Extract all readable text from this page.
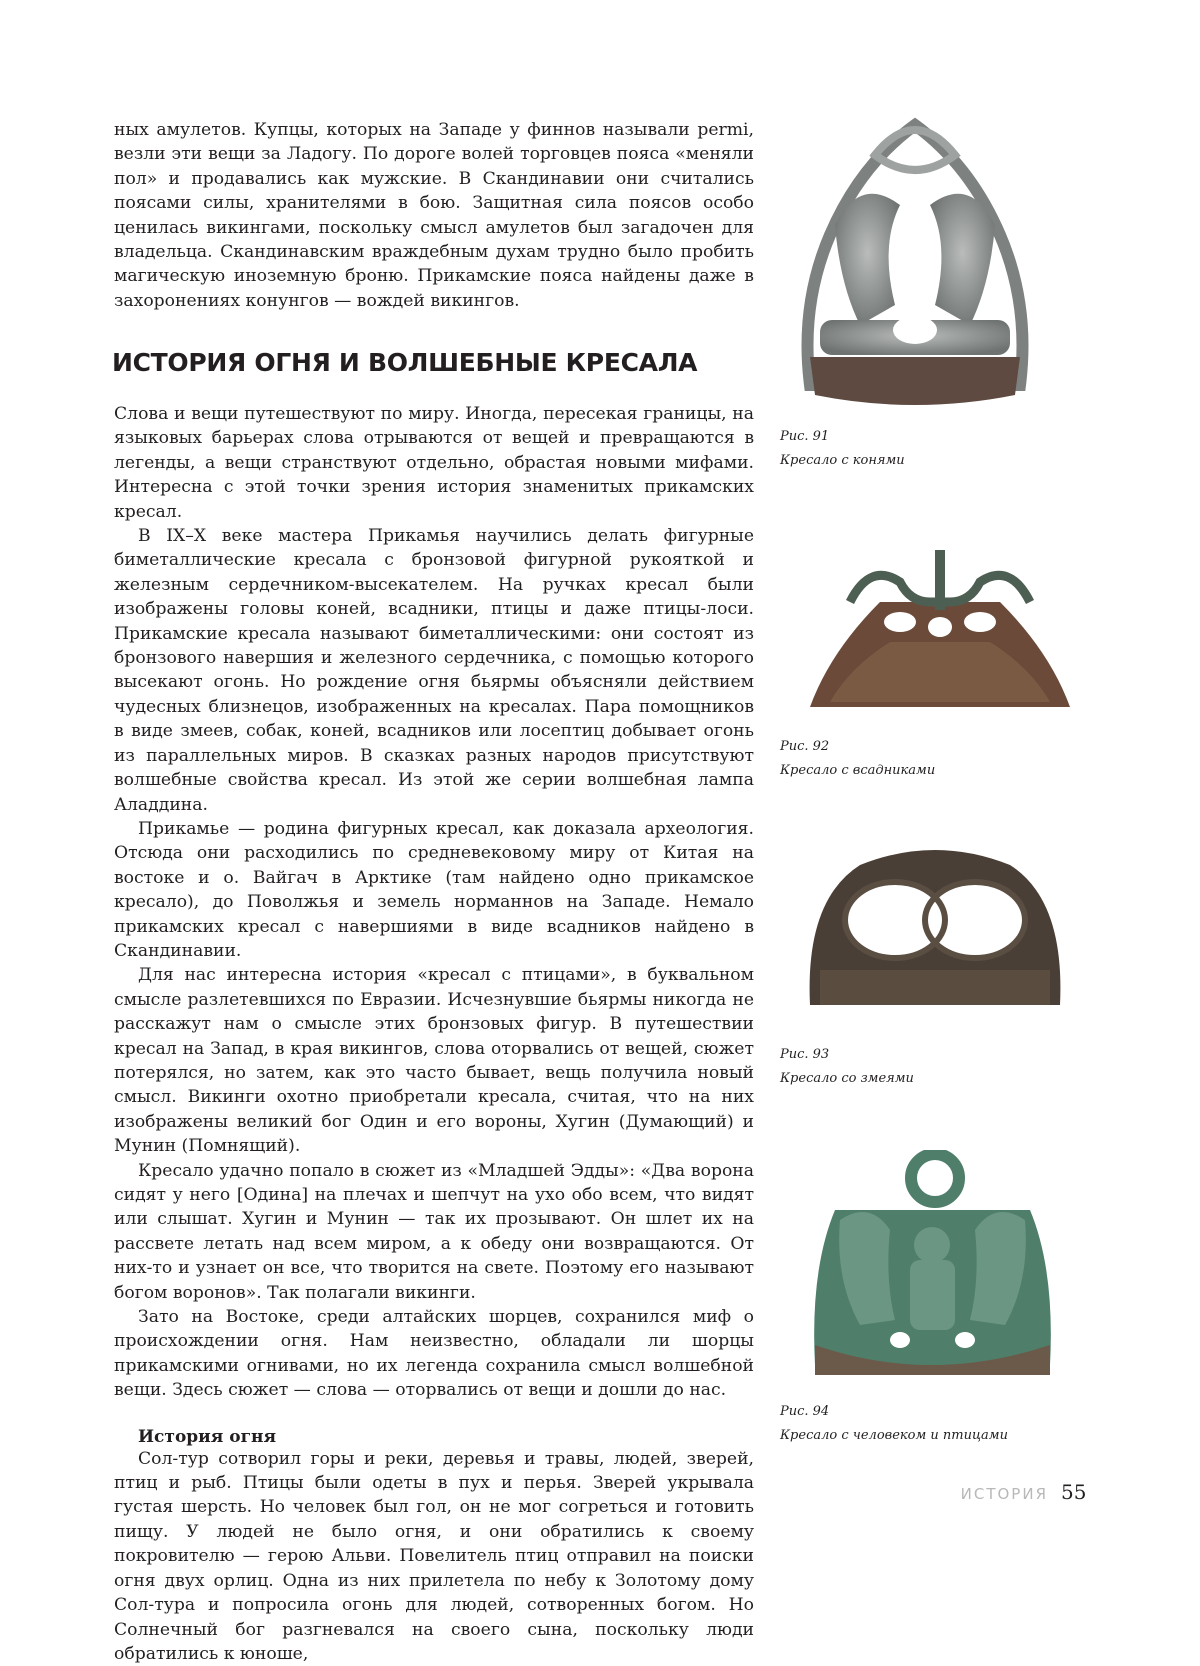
ных амулетов. Купцы, которых на Западе у финнов называли permi, везли эти вещи за Ладогу. По дороге волей торговцев пояса «меняли пол» и продавались как мужские. В Скандинавии они считались поясами силы, хранителями в бою. Защитная сила поясов особо ценилась викингами, поскольку смысл амулетов был загадочен для владельца. Скандинавским враждебным духам трудно было пробить магическую иноземную броню. Прикамские пояса найдены даже в захоронениях конунгов — вождей викингов.

ИСТОРИЯ ОГНЯ И ВОЛШЕБНЫЕ КРЕСАЛА

Слова и вещи путешествуют по миру. Иногда, пересекая границы, на языковых барьерах слова отрываются от вещей и превращаются в легенды, а вещи странствуют отдельно, обрастая новыми мифами. Интересна с этой точки зрения история знаменитых прикамских кресал.

В IX–X веке мастера Прикамья научились делать фигурные биметаллические кресала с бронзовой фигурной рукояткой и железным сердечником-высекателем. На ручках кресал были изображены головы коней, всадники, птицы и даже птицы-лоси. Прикамские кресала называют биметаллическими: они состоят из бронзового навершия и железного сердечника, с помощью которого высекают огонь. Но рождение огня бьярмы объясняли действием чудесных близнецов, изображенных на кресалах. Пара помощников в виде змеев, собак, коней, всадников или лосептиц добывает огонь из параллельных миров. В сказках разных народов присутствуют волшебные свойства кресал. Из этой же серии волшебная лампа Аладдина.

Прикамье — родина фигурных кресал, как доказала археология. Отсюда они расходились по средневековому миру от Китая на востоке и о. Вайгач в Арктике (там найдено одно прикамское кресало), до Поволжья и земель норманнов на Западе. Немало прикамских кресал с навершиями в виде всадников найдено в Скандинавии.

Для нас интересна история «кресал с птицами», в буквальном смысле разлетевшихся по Евразии. Исчезнувшие бьярмы никогда не расскажут нам о смысле этих бронзовых фигур. В путешествии кресал на Запад, в края викингов, слова оторвались от вещей, сюжет потерялся, но затем, как это часто бывает, вещь получила новый смысл. Викинги охотно приобретали кресала, считая, что на них изображены великий бог Один и его вороны, Хугин (Думающий) и Мунин (Помнящий).

Кресало удачно попало в сюжет из «Младшей Эдды»: «Два ворона сидят у него [Одина] на плечах и шепчут на ухо обо всем, что видят или слышат. Хугин и Мунин — так их прозывают. Он шлет их на рассвете летать над всем миром, а к обеду они возвращаются. От них-то и узнает он все, что творится на свете. Поэтому его называют богом воронов». Так полагали викинги.

Зато на Востоке, среди алтайских шорцев, сохранился миф о происхождении огня. Нам неизвестно, обладали ли шорцы прикамскими огнивами, но их легенда сохранила смысл волшебной вещи. Здесь сюжет — слова — оторвались от вещи и дошли до нас.

История огня

Сол-тур сотворил горы и реки, деревья и травы, людей, зверей, птиц и рыб. Птицы были одеты в пух и перья. Зверей укрывала густая шерсть. Но человек был гол, он не мог согреться и готовить пищу. У людей не было огня, и они обратились к своему покровителю — герою Альви. Повелитель птиц отправил на поиски огня двух орлиц. Одна из них прилетела по небу к Золотому дому Сол-тура и попросила огонь для людей, сотворенных богом. Но Солнечный бог разгневался на своего сына, поскольку люди обратились к юноше,

Рис. 91
Кресало с конями
Рис. 92
Кресало с всадниками
Рис. 93
Кресало со змеями
Рис. 94
Кресало с человеком и птицами
ИСТОРИЯ 55
